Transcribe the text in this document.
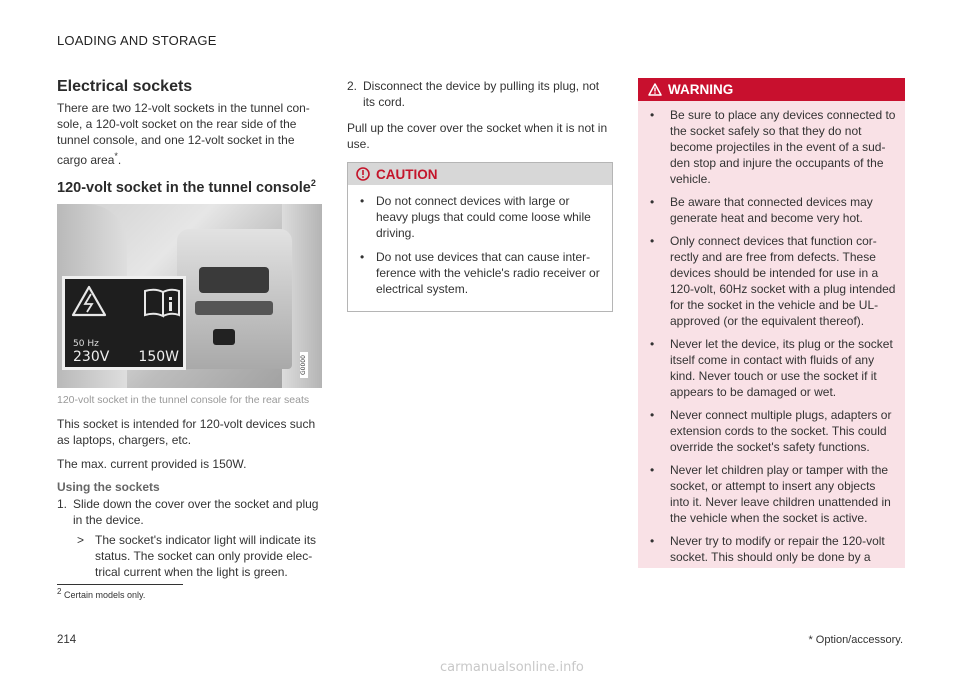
LOADING AND STORAGE
Electrical sockets

There are two 12-volt sockets in the tunnel con-sole, a 120-volt socket on the rear side of the tunnel console, and one 12-volt socket in the cargo area*.

120-volt socket in the tunnel console$^2$
50 Hz
230V 150W	G0000
120-volt socket in the tunnel console for the rear seats

This socket is intended for 120-volt devices such as laptops, chargers, etc.

The max. current provided is 150W.

Using the sockets
1. Slide down the cover over the socket and plug in the device.
> The socket's indicator light will indicate its status. The socket can only provide elec-trical current when the light is green.
2. Disconnect the device by pulling its plug, not its cord.

Pull up the cover over the socket when it is not in use.

CAUTION
• Do not connect devices with large or heavy plugs that could come loose while driving.
• Do not use devices that can cause inter-ference with the vehicle's radio receiver or electrical system.
WARNING
• Be sure to place any devices connected to the socket safely so that they do not become projectiles in the event of a sud-den stop and injure the occupants of the vehicle.
• Be aware that connected devices may generate heat and become very hot.
• Only connect devices that function cor-rectly and are free from defects. These devices should be intended for use in a 120-volt, 60Hz socket with a plug intended for the socket in the vehicle and be UL-approved (or the equivalent thereof).
• Never let the device, its plug or the socket itself come in contact with fluids of any kind. Never touch or use the socket if it appears to be damaged or wet.
• Never connect multiple plugs, adapters or extension cords to the socket. This could override the socket's safety functions.
• Never let children play or tamper with the socket, or attempt to insert any objects into it. Never leave children unattended in the vehicle when the socket is active.
• Never try to modify or repair the 120-volt socket. This should only be done by a
$^2$ Certain models only.
214	* Option/accessory.
carmanualsonline.info
